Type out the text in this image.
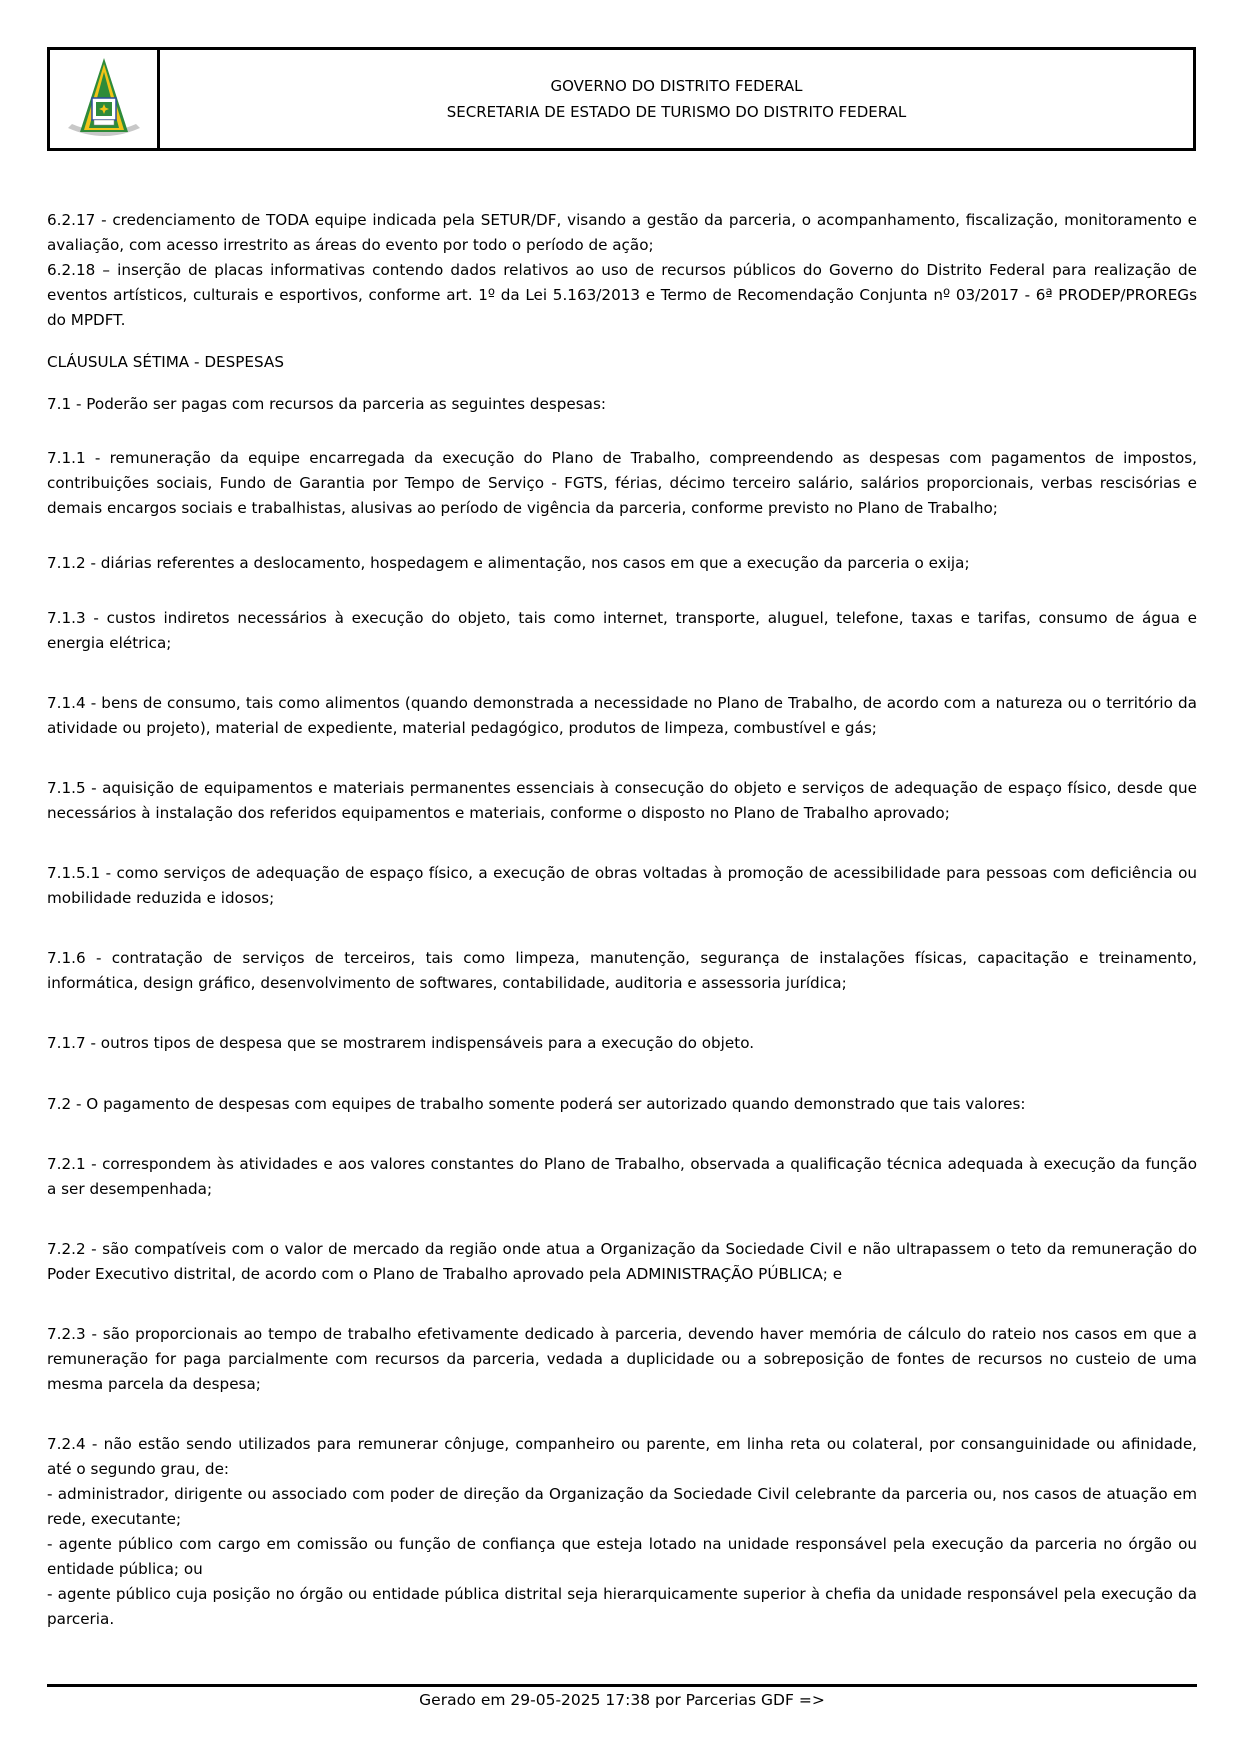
GOVERNO DO DISTRITO FEDERAL
SECRETARIA DE ESTADO DE TURISMO DO DISTRITO FEDERAL

6.2.17 - credenciamento de TODA equipe indicada pela SETUR/DF, visando a gestão da parceria, o acompanhamento, fiscalização, monitoramento e avaliação, com acesso irrestrito as áreas do evento por todo o período de ação;

6.2.18 – inserção de placas informativas contendo dados relativos ao uso de recursos públicos do Governo do Distrito Federal para realização de eventos artísticos, culturais e esportivos, conforme art. 1º da Lei 5.163/2013 e Termo de Recomendação Conjunta nº 03/2017 - 6ª PRODEP/PROREGs do MPDFT.

CLÁUSULA SÉTIMA - DESPESAS

7.1 - Poderão ser pagas com recursos da parceria as seguintes despesas:

7.1.1 - remuneração da equipe encarregada da execução do Plano de Trabalho, compreendendo as despesas com pagamentos de impostos, contribuições sociais, Fundo de Garantia por Tempo de Serviço - FGTS, férias, décimo terceiro salário, salários proporcionais, verbas rescisórias e demais encargos sociais e trabalhistas, alusivas ao período de vigência da parceria, conforme previsto no Plano de Trabalho;

7.1.2 - diárias referentes a deslocamento, hospedagem e alimentação, nos casos em que a execução da parceria o exija;

7.1.3 - custos indiretos necessários à execução do objeto, tais como internet, transporte, aluguel, telefone, taxas e tarifas, consumo de água e energia elétrica;

7.1.4 - bens de consumo, tais como alimentos (quando demonstrada a necessidade no Plano de Trabalho, de acordo com a natureza ou o território da atividade ou projeto), material de expediente, material pedagógico, produtos de limpeza, combustível e gás;

7.1.5 - aquisição de equipamentos e materiais permanentes essenciais à consecução do objeto e serviços de adequação de espaço físico, desde que necessários à instalação dos referidos equipamentos e materiais, conforme o disposto no Plano de Trabalho aprovado;

7.1.5.1 - como serviços de adequação de espaço físico, a execução de obras voltadas à promoção de acessibilidade para pessoas com deficiência ou mobilidade reduzida e idosos;

7.1.6 - contratação de serviços de terceiros, tais como limpeza, manutenção, segurança de instalações físicas, capacitação e treinamento, informática, design gráfico, desenvolvimento de softwares, contabilidade, auditoria e assessoria jurídica;

7.1.7 - outros tipos de despesa que se mostrarem indispensáveis para a execução do objeto.

7.2 - O pagamento de despesas com equipes de trabalho somente poderá ser autorizado quando demonstrado que tais valores:

7.2.1 - correspondem às atividades e aos valores constantes do Plano de Trabalho, observada a qualificação técnica adequada à execução da função a ser desempenhada;

7.2.2 - são compatíveis com o valor de mercado da região onde atua a Organização da Sociedade Civil e não ultrapassem o teto da remuneração do Poder Executivo distrital, de acordo com o Plano de Trabalho aprovado pela ADMINISTRAÇÃO PÚBLICA; e

7.2.3 - são proporcionais ao tempo de trabalho efetivamente dedicado à parceria, devendo haver memória de cálculo do rateio nos casos em que a remuneração for paga parcialmente com recursos da parceria, vedada a duplicidade ou a sobreposição de fontes de recursos no custeio de uma mesma parcela da despesa;

7.2.4 - não estão sendo utilizados para remunerar cônjuge, companheiro ou parente, em linha reta ou colateral, por consanguinidade ou afinidade, até o segundo grau, de:

- administrador, dirigente ou associado com poder de direção da Organização da Sociedade Civil celebrante da parceria ou, nos casos de atuação em rede, executante;

- agente público com cargo em comissão ou função de confiança que esteja lotado na unidade responsável pela execução da parceria no órgão ou entidade pública; ou

- agente público cuja posição no órgão ou entidade pública distrital seja hierarquicamente superior à chefia da unidade responsável pela execução da parceria.

Gerado em 29-05-2025 17:38 por Parcerias GDF =>
